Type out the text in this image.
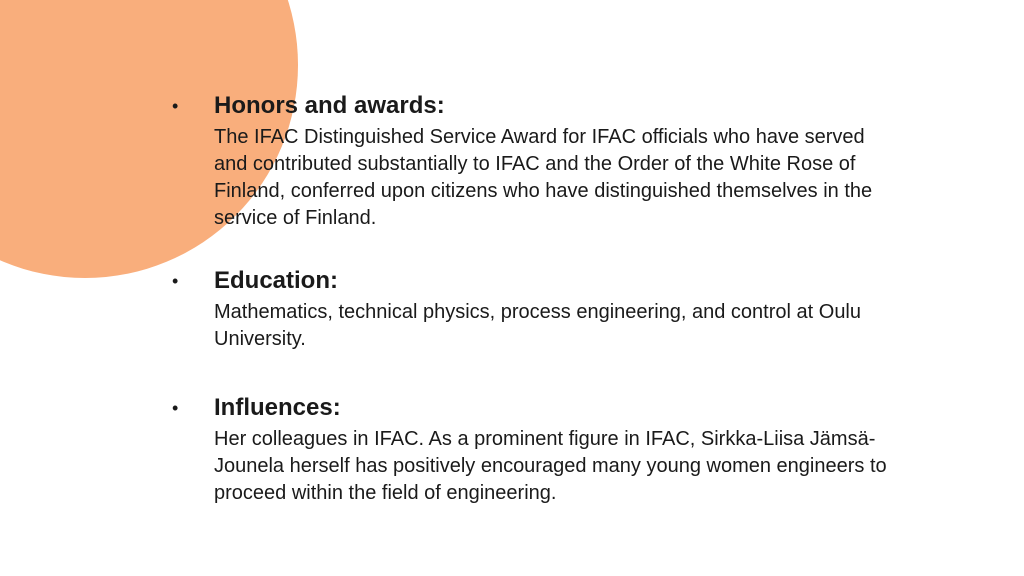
• Honors and awards:
The IFAC Distinguished Service Award for IFAC officials who have served and contributed substantially to IFAC and the Order of the White Rose of Finland, conferred upon citizens who have distinguished themselves in the service of Finland.
• Education:
Mathematics, technical physics, process engineering, and control at Oulu University.
• Influences:
Her colleagues in IFAC. As a prominent figure in IFAC, Sirkka-Liisa Jämsä-Jounela herself has positively encouraged many young women engineers to proceed within the field of engineering.
